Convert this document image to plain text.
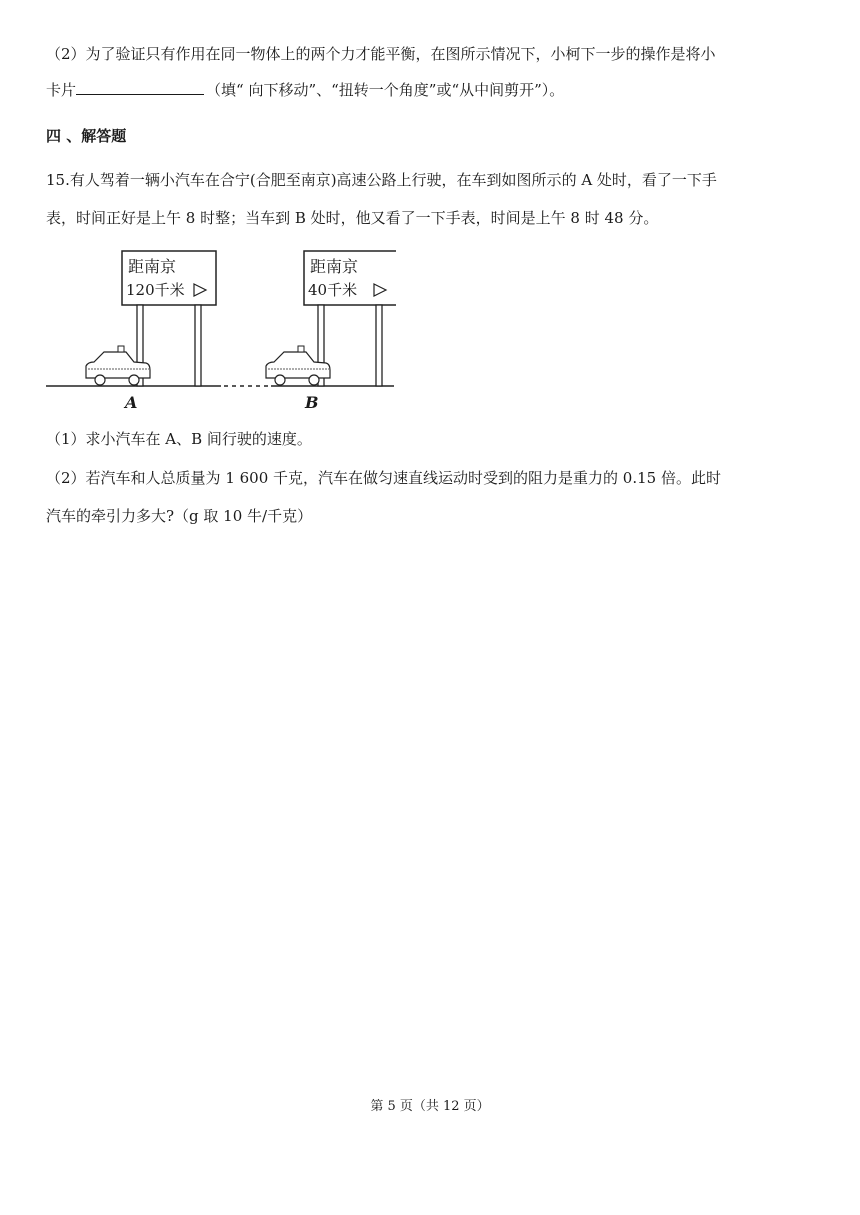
（2）为了验证只有作用在同一物体上的两个力才能平衡，在图所示情况下，小柯下一步的操作是将小
卡片	（填“ 向下移动”、“扭转一个角度”或“从中间剪开”）。
四 、解答题
15.有人驾着一辆小汽车在合宁(合肥至南京)高速公路上行驶，在车到如图所示的 A 处时，看了一下手
表，时间正好是上午 8 时整；当车到 B 处时，他又看了一下手表，时间是上午 8 时 48 分。
距南京
120千米
A
距南京
40千米
B
（1）求小汽车在 A、B 间行驶的速度。
（2）若汽车和人总质量为 1 600 千克，汽车在做匀速直线运动时受到的阻力是重力的 0.15 倍。此时
汽车的牵引力多大?（g 取 10 牛/千克）
第 5 页（共 12 页）
